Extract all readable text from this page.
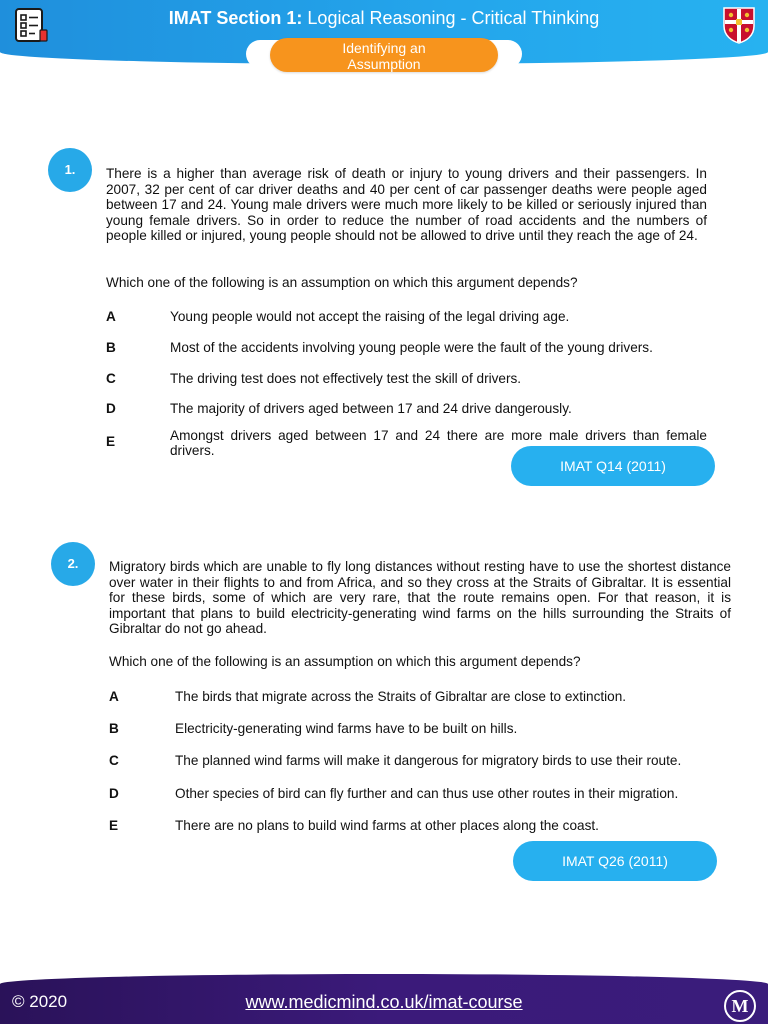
IMAT Section 1: Logical Reasoning - Critical Thinking
Identifying an
Assumption
1.	There is a higher than average risk of death or injury to young drivers and their passengers. In 2007, 32 per cent of car driver deaths and 40 per cent of car passenger deaths were people aged between 17 and 24. Young male drivers were much more likely to be killed or seriously injured than young female drivers. So in order to reduce the number of road accidents and the numbers of people killed or injured, young people should not be allowed to drive until they reach the age of 24.
Which one of the following is an assumption on which this argument depends?
A	Young people would not accept the raising of the legal driving age.
B	Most of the accidents involving young people were the fault of the young drivers.
C	The driving test does not effectively test the skill of drivers.
D	The majority of drivers aged between 17 and 24 drive dangerously.
E	Amongst drivers aged between 17 and 24 there are more male drivers than female drivers.
IMAT Q14 (2011)
2.	Migratory birds which are unable to fly long distances without resting have to use the shortest distance over water in their flights to and from Africa, and so they cross at the Straits of Gibraltar. It is essential for these birds, some of which are very rare, that the route remains open. For that reason, it is important that plans to build electricity-generating wind farms on the hills surrounding the Straits of Gibraltar do not go ahead.
Which one of the following is an assumption on which this argument depends?
A	The birds that migrate across the Straits of Gibraltar are close to extinction.
B	Electricity-generating wind farms have to be built on hills.
C	The planned wind farms will make it dangerous for migratory birds to use their route.
D	Other species of bird can fly further and can thus use other routes in their migration.
E	There are no plans to build wind farms at other places along the coast.
IMAT Q26 (2011)
© 2020	www.medicmind.co.uk/imat-course	M
